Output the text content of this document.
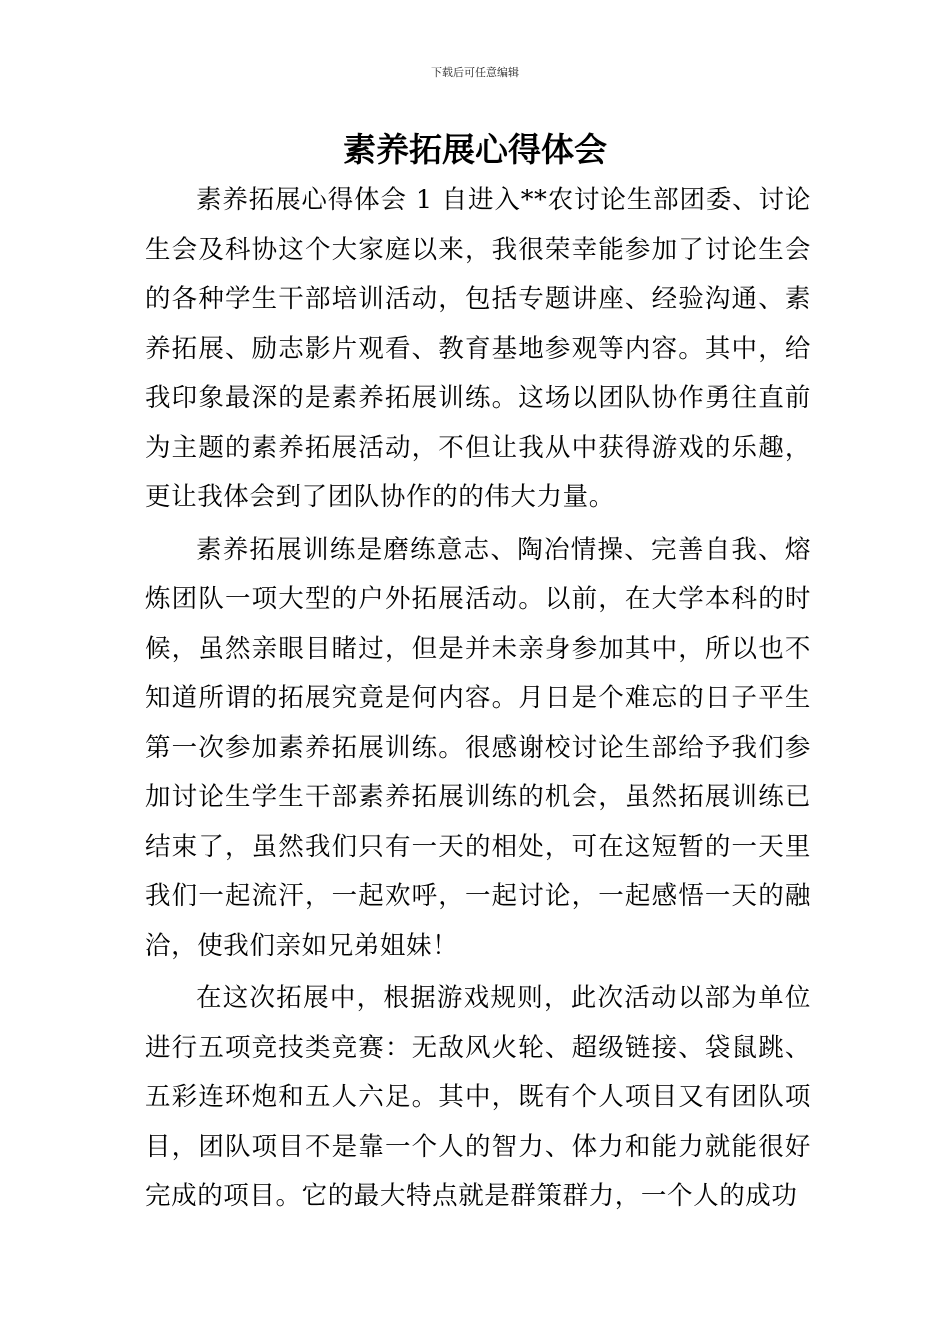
下载后可任意编辑
素养拓展心得体会

素养拓展心得体会 1 自进入**农讨论生部团委、讨论生会及科协这个大家庭以来，我很荣幸能参加了讨论生会的各种学生干部培训活动，包括专题讲座、经验沟通、素养拓展、励志影片观看、教育基地参观等内容。其中，给我印象最深的是素养拓展训练。这场以团队协作勇往直前为主题的素养拓展活动，不但让我从中获得游戏的乐趣，更让我体会到了团队协作的的伟大力量。

素养拓展训练是磨练意志、陶冶情操、完善自我、熔炼团队一项大型的户外拓展活动。以前，在大学本科的时候，虽然亲眼目睹过，但是并未亲身参加其中，所以也不知道所谓的拓展究竟是何内容。月日是个难忘的日子平生第一次参加素养拓展训练。很感谢校讨论生部给予我们参加讨论生学生干部素养拓展训练的机会，虽然拓展训练已结束了，虽然我们只有一天的相处，可在这短暂的一天里我们一起流汗，一起欢呼，一起讨论，一起感悟一天的融洽，使我们亲如兄弟姐妹！

在这次拓展中，根据游戏规则，此次活动以部为单位进行五项竞技类竞赛：无敌风火轮、超级链接、袋鼠跳、五彩连环炮和五人六足。其中，既有个人项目又有团队项目，团队项目不是靠一个人的智力、体力和能力就能很好完成的项目。它的最大特点就是群策群力，一个人的成功
